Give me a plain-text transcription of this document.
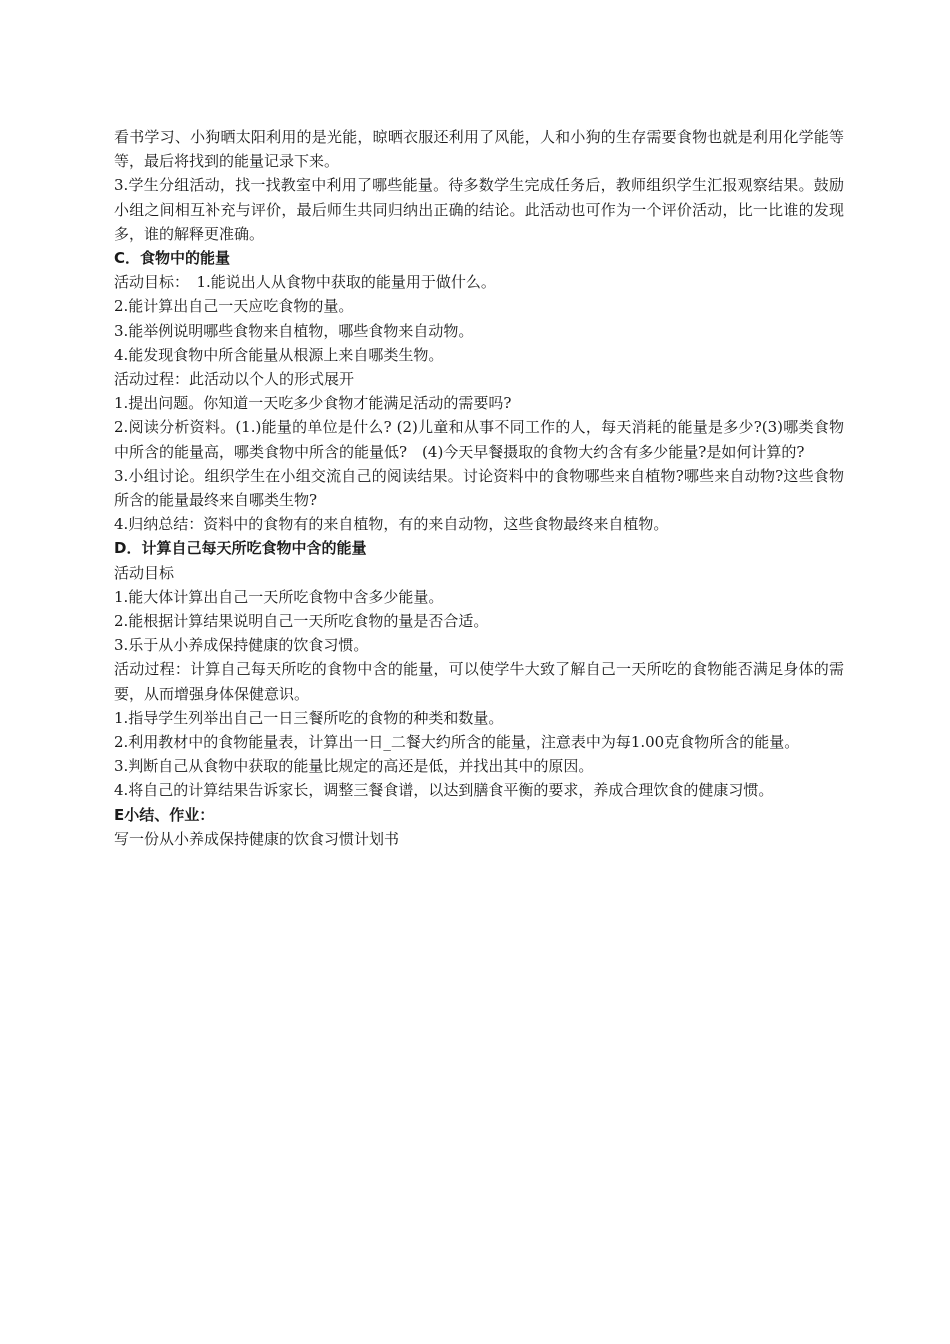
看书学习、小狗晒太阳利用的是光能，晾晒衣服还利用了风能，人和小狗的生存需要食物也就是利用化学能等等，最后将找到的能量记录下来。

3.学生分组活动，找一找教室中利用了哪些能量。待多数学生完成任务后，教师组织学生汇报观察结果。鼓励小组之间相互补充与评价，最后师生共同归纳出正确的结论。此活动也可作为一个评价活动，比一比谁的发现多，谁的解释更准确。

C．食物中的能量

活动目标：　1.能说出人从食物中获取的能量用于做什么。

2.能计算出自己一天应吃食物的量。

3.能举例说明哪些食物来自植物，哪些食物来自动物。

4.能发现食物中所含能量从根源上来自哪类生物。

活动过程：此活动以个人的形式展开

1.提出问题。你知道一天吃多少食物才能满足活动的需要吗?

2.阅读分析资料。(1.)能量的单位是什么? (2)儿童和从事不同工作的人，每天消耗的能量是多少?(3)哪类食物中所含的能量高，哪类食物中所含的能量低?　(4)今天早餐摄取的食物大约含有多少能量?是如何计算的?

3.小组讨论。组织学生在小组交流自己的阅读结果。讨论资料中的食物哪些来自植物?哪些来自动物?这些食物所含的能量最终来自哪类生物?

4.归纳总结：资料中的食物有的来自植物，有的来自动物，这些食物最终来自植物。

D．计算自己每天所吃食物中含的能量

活动目标

1.能大体计算出自己一天所吃食物中含多少能量。

2.能根据计算结果说明自己一天所吃食物的量是否合适。

3.乐于从小养成保持健康的饮食习惯。

活动过程：计算自己每天所吃的食物中含的能量，可以使学牛大致了解自己一天所吃的食物能否满足身体的需要，从而增强身体保健意识。

1.指导学生列举出自己一日三餐所吃的食物的种类和数量。

2.利用教材中的食物能量表，计算出一日_二餐大约所含的能量，注意表中为每1.00克食物所含的能量。

3.判断自己从食物中获取的能量比规定的高还是低，并找出其中的原因。

4.将自己的计算结果告诉家长，调整三餐食谱，以达到膳食平衡的要求，养成合理饮食的健康习惯。

E小结、作业：

写一份从小养成保持健康的饮食习惯计划书
